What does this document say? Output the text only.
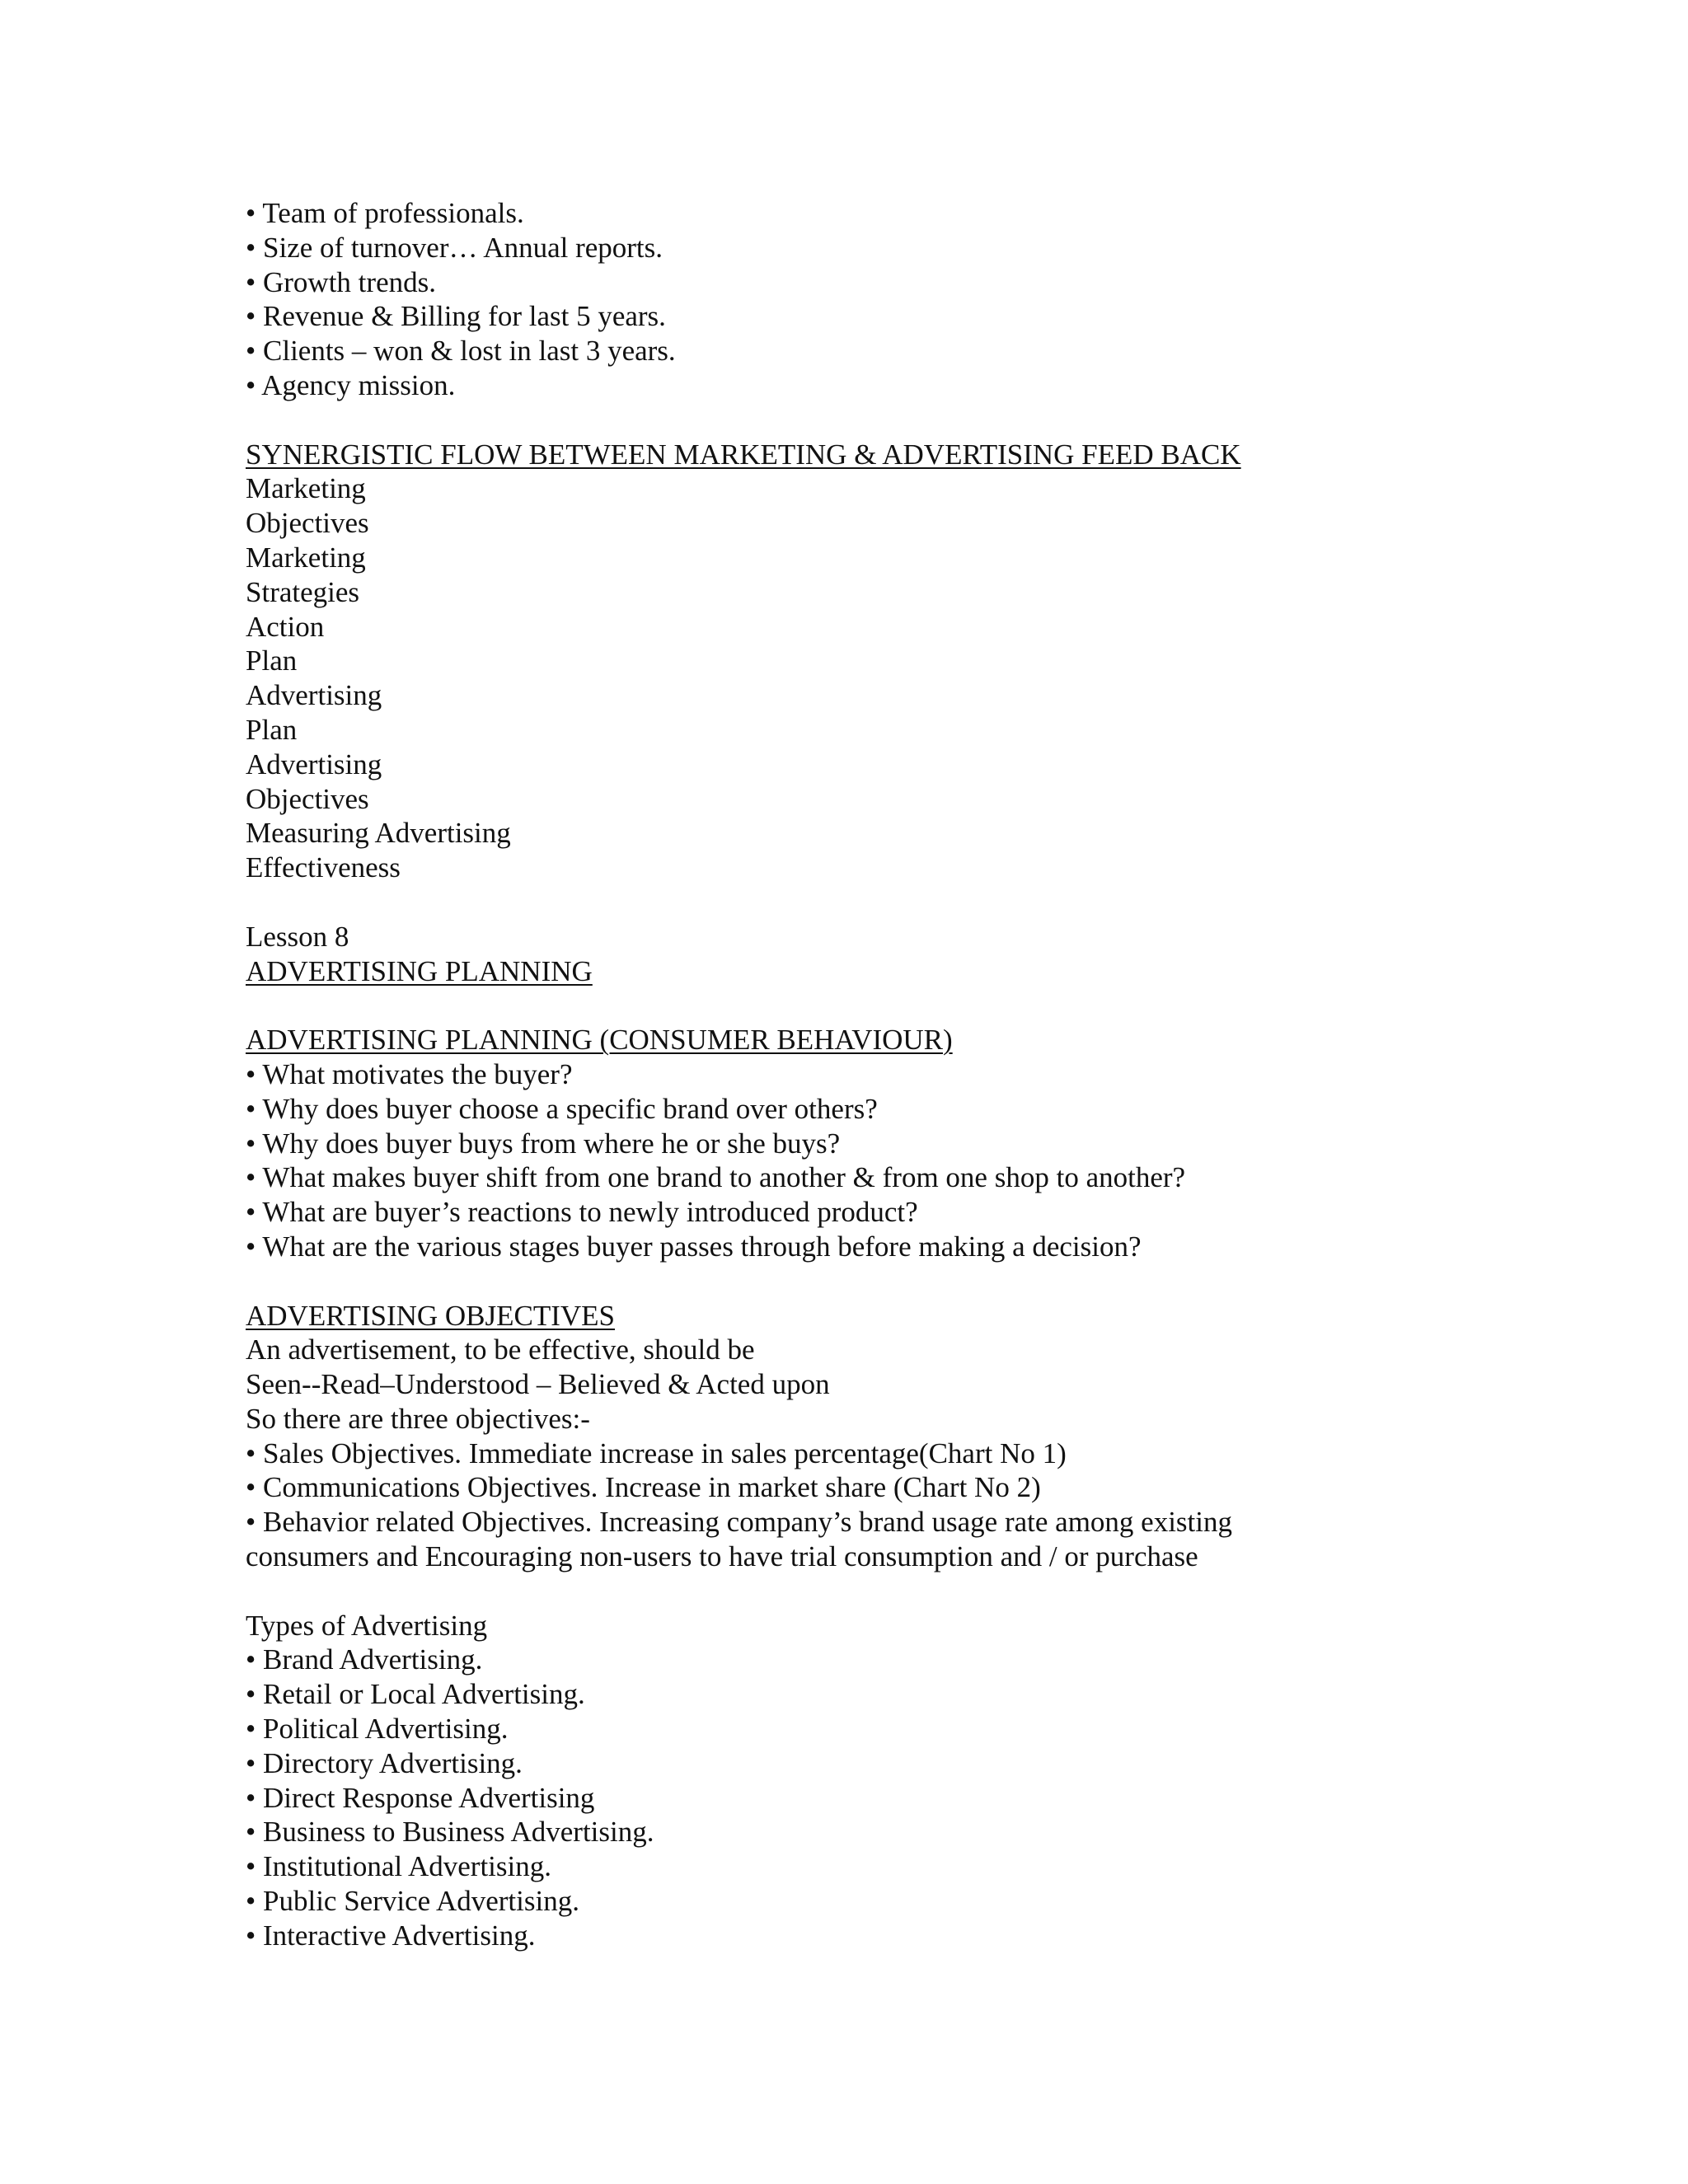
• Team of professionals.
• Size of turnover… Annual reports.
• Growth trends.
• Revenue & Billing for last 5 years.
• Clients – won & lost in last 3 years.
• Agency mission.
SYNERGISTIC FLOW BETWEEN MARKETING & ADVERTISING FEED BACK
Marketing
Objectives
Marketing
Strategies
Action
Plan
Advertising
Plan
Advertising
Objectives
Measuring Advertising
Effectiveness
Lesson 8
ADVERTISING PLANNING
ADVERTISING PLANNING (CONSUMER BEHAVIOUR)
• What motivates the buyer?
• Why does buyer choose a specific brand over others?
• Why does buyer buys from where he or she buys?
• What makes buyer shift from one brand to another & from one shop to another?
• What are buyer’s reactions to newly introduced product?
• What are the various stages buyer passes through before making a decision?
ADVERTISING OBJECTIVES
An advertisement, to be effective, should be
Seen--Read–Understood – Believed & Acted upon
So there are three objectives:-
• Sales Objectives. Immediate increase in sales percentage(Chart No 1)
• Communications Objectives. Increase in market share (Chart No 2)
• Behavior related Objectives. Increasing company’s brand usage rate among existing
consumers and Encouraging non-users to have trial consumption and / or purchase
Types of Advertising
• Brand Advertising.
• Retail or Local Advertising.
• Political Advertising.
• Directory Advertising.
• Direct Response Advertising
• Business to Business Advertising.
• Institutional Advertising.
• Public Service Advertising.
• Interactive Advertising.
